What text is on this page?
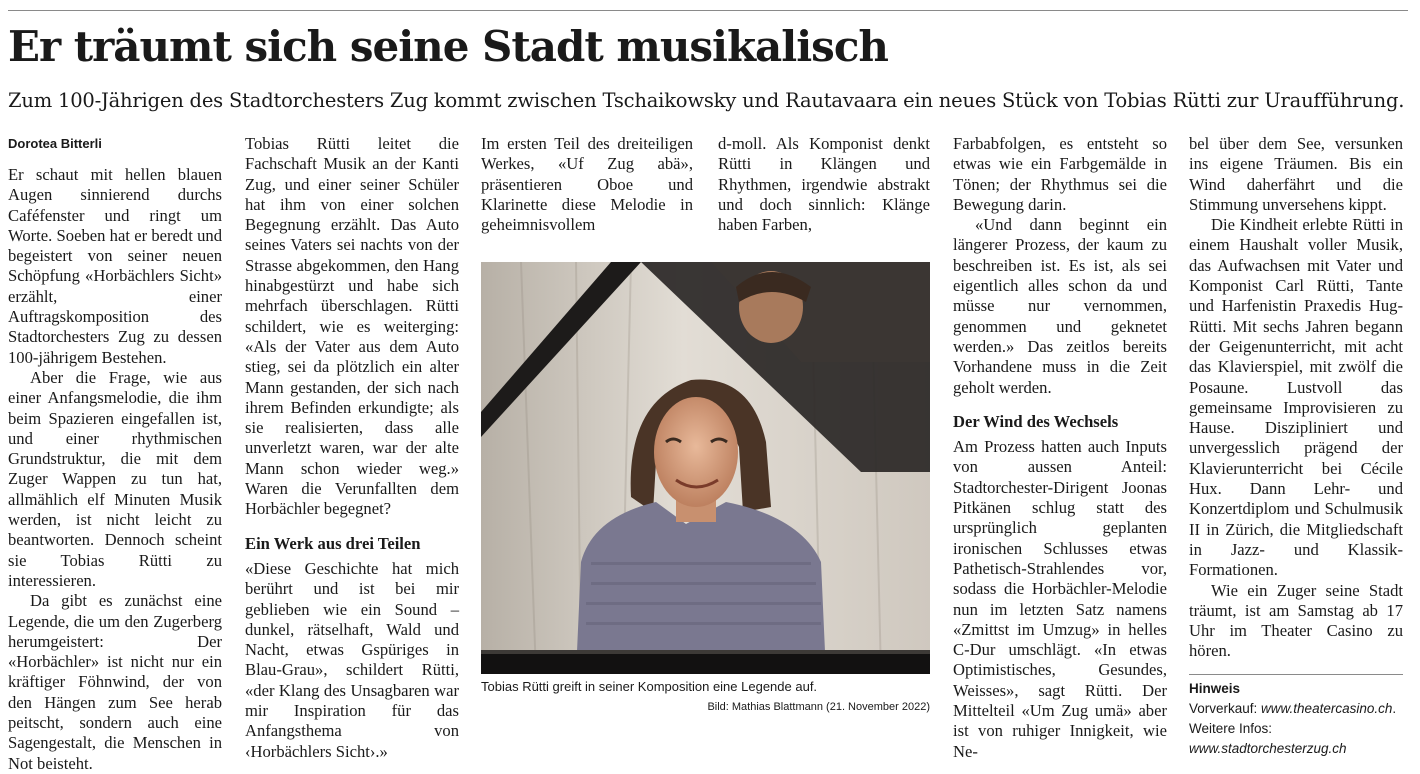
Er träumt sich seine Stadt musikalisch
Zum 100-Jährigen des Stadtorchesters Zug kommt zwischen Tschaikowsky und Rautavaara ein neues Stück von Tobias Rütti zur Uraufführung.
Dorotea Bitterli

Er schaut mit hellen blauen Augen sinnierend durchs Caféfenster und ringt um Worte. Soeben hat er beredt und begeistert von seiner neuen Schöpfung «Horbächlers Sicht» erzählt, einer Auftragskomposition des Stadtorchesters Zug zu dessen 100-jährigem Bestehen.

Aber die Frage, wie aus einer Anfangsmelodie, die ihm beim Spazieren eingefallen ist, und einer rhythmischen Grundstruktur, die mit dem Zuger Wappen zu tun hat, allmählich elf Minuten Musik werden, ist nicht leicht zu beantworten. Dennoch scheint sie Tobias Rütti zu interessieren.

Da gibt es zunächst eine Legende, die um den Zugerberg herumgeistert: Der «Horbächler» ist nicht nur ein kräftiger Föhnwind, der von den Hängen zum See herab peitscht, sondern auch eine Sagengestalt, die Menschen in Not beisteht.

Tobias Rütti leitet die Fachschaft Musik an der Kanti Zug, und einer seiner Schüler hat ihm von einer solchen Begegnung erzählt. Das Auto seines Vaters sei nachts von der Strasse abgekommen, den Hang hinabgestürzt und habe sich mehrfach überschlagen. Rütti schildert, wie es weiterging: «Als der Vater aus dem Auto stieg, sei da plötzlich ein alter Mann gestanden, der sich nach ihrem Befinden erkundigte; als sie realisierten, dass alle unverletzt waren, war der alte Mann schon wieder weg.» Waren die Verunfallten dem Horbächler begegnet?

Ein Werk aus drei Teilen

«Diese Geschichte hat mich berührt und ist bei mir geblieben wie ein Sound – dunkel, rätselhaft, Wald und Nacht, etwas Gspüriges in Blau-Grau», schildert Rütti, «der Klang des Unsagbaren war mir Inspiration für das Anfangsthema von ‹Horbächlers Sicht›.»

Im ersten Teil des dreiteiligen Werkes, «Uf Zug abä», präsentieren Oboe und Klarinette diese Melodie in geheimnisvollem

d-moll. Als Komponist denkt Rütti in Klängen und Rhythmen, irgendwie abstrakt und doch sinnlich: Klänge haben Farben,

Farbabfolgen, es entsteht so etwas wie ein Farbgemälde in Tönen; der Rhythmus sei die Bewegung darin.

«Und dann beginnt ein längerer Prozess, der kaum zu beschreiben ist. Es ist, als sei eigentlich alles schon da und müsse nur vernommen, genommen und geknetet werden.» Das zeitlos bereits Vorhandene muss in die Zeit geholt werden.

Der Wind des Wechsels

Am Prozess hatten auch Inputs von aussen Anteil: Stadtorchester-Dirigent Joonas Pitkänen schlug statt des ursprünglich geplanten ironischen Schlusses etwas Pathetisch-Strahlendes vor, sodass die Horbächler-Melodie nun im letzten Satz namens «Zmittst im Umzug» in helles C-Dur umschlägt. «In etwas Optimistisches, Gesundes, Weisses», sagt Rütti. Der Mittelteil «Um Zug umä» aber ist von ruhiger Innigkeit, wie Ne-

bel über dem See, versunken ins eigene Träumen. Bis ein Wind daherfährt und die Stimmung unversehens kippt.

Die Kindheit erlebte Rütti in einem Haushalt voller Musik, das Aufwachsen mit Vater und Komponist Carl Rütti, Tante und Harfenistin Praxedis Hug-Rütti. Mit sechs Jahren begann der Geigenunterricht, mit acht das Klavierspiel, mit zwölf die Posaune. Lustvoll das gemeinsame Improvisieren zu Hause. Diszipliniert und unvergesslich prägend der Klavierunterricht bei Cécile Hux. Dann Lehr- und Konzertdiplom und Schulmusik II in Zürich, die Mitgliedschaft in Jazz- und Klassik-Formationen.

Wie ein Zuger seine Stadt träumt, ist am Samstag ab 17 Uhr im Theater Casino zu hören.

Hinweis
Vorverkauf: www.theatercasino.ch. Weitere Infos: www.stadtorchesterzug.ch
Tobias Rütti greift in seiner Komposition eine Legende auf.
Bild: Mathias Blattmann (21. November 2022)
